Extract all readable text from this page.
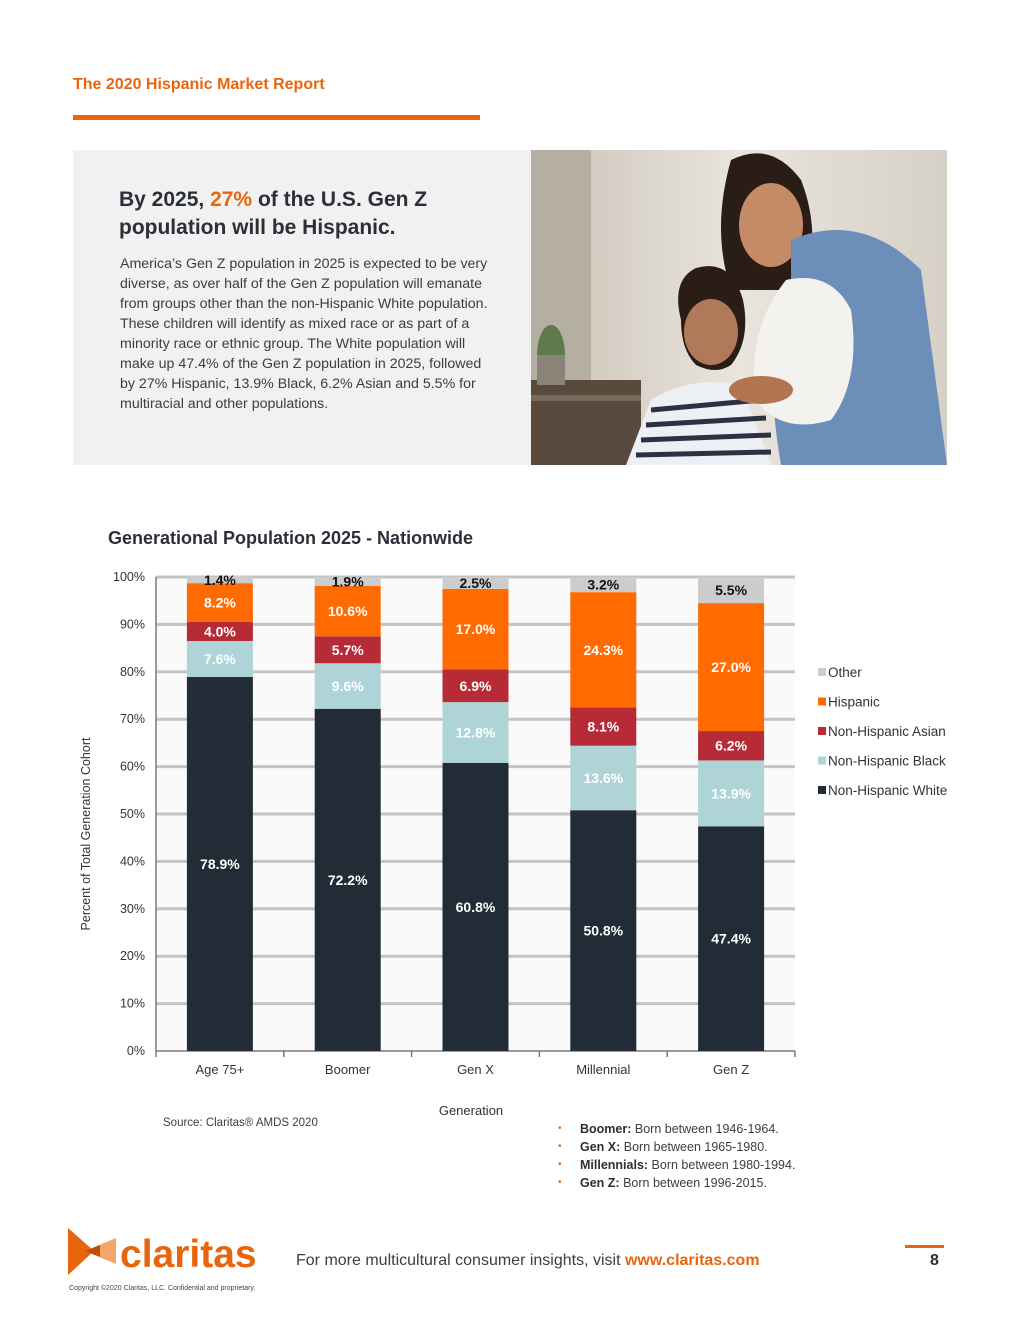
The 2020 Hispanic Market Report
By 2025, 27% of the U.S. Gen Z population will be Hispanic.
America’s Gen Z population in 2025 is expected to be very diverse, as over half of the Gen Z population will emanate from groups other than the non-Hispanic White population. These children will identify as mixed race or as part of a minority race or ethnic group. The White population will make up 47.4% of the Gen Z population in 2025, followed by 27% Hispanic, 13.9% Black, 6.2% Asian and 5.5% for multiracial and other populations.
Generational Population 2025 - Nationwide
0%
10%
20%
30%
40%
50%
60%
70%
80%
90%
100%
78.9%
7.6%
4.0%
8.2%
1.4%
Age 75+
72.2%
9.6%
5.7%
10.6%
1.9%
Boomer
60.8%
12.8%
6.9%
17.0%
2.5%
Gen X
50.8%
13.6%
8.1%
24.3%
3.2%
Millennial
47.4%
13.9%
6.2%
27.0%
5.5%
Gen Z
Generation
Percent of Total Generation Cohort
Other
Hispanic
Non-Hispanic Asian
Non-Hispanic Black
Non-Hispanic White
Source: Claritas® AMDS 2020	• Boomer: Born between 1946-1964.
• Gen X: Born between 1965-1980.
• Millennials: Born between 1980-1994.
• Gen Z: Born between 1996-2015.
claritas
Copyright ©2020 Claritas, LLC. Confidential and proprietary.
For more multicultural consumer insights, visit www.claritas.com	8
